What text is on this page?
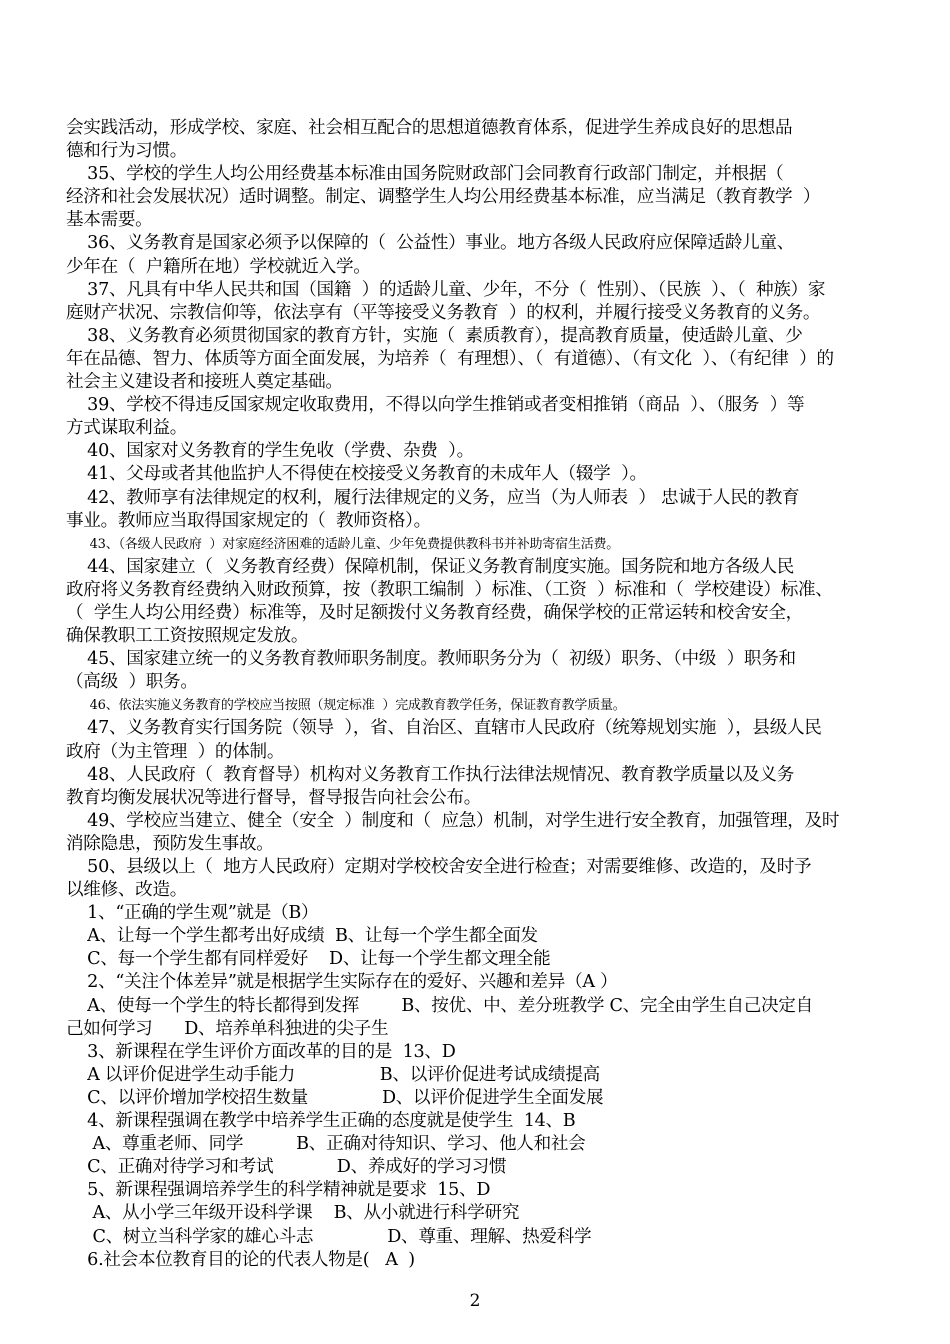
会实践活动，形成学校、家庭、社会相互配合的思想道德教育体系，促进学生养成良好的思想品
德和行为习惯。
35、学校的学生人均公用经费基本标准由国务院财政部门会同教育行政部门制定，并根据（
经济和社会发展状况）适时调整。制定、调整学生人均公用经费基本标准，应当满足（教育教学  ）
基本需要。
36、义务教育是国家必须予以保障的（  公益性）事业。地方各级人民政府应保障适龄儿童、
少年在（  户籍所在地）学校就近入学。
37、凡具有中华人民共和国（国籍  ）的适龄儿童、少年，不分（  性别）、（民族  ）、（  种族）家
庭财产状况、宗教信仰等，依法享有（平等接受义务教育  ）的权利，并履行接受义务教育的义务。
38、义务教育必须贯彻国家的教育方针，实施（  素质教育），提高教育质量，使适龄儿童、少
年在品德、智力、体质等方面全面发展，为培养（  有理想）、（  有道德）、（有文化  ）、（有纪律  ）的
社会主义建设者和接班人奠定基础。
39、学校不得违反国家规定收取费用，不得以向学生推销或者变相推销（商品  ）、（服务  ）等
方式谋取利益。
40、国家对义务教育的学生免收（学费、杂费  ）。
41、父母或者其他监护人不得使在校接受义务教育的未成年人（辍学  ）。
42、教师享有法律规定的权利，履行法律规定的义务，应当（为人师表  ） 忠诚于人民的教育
事业。教师应当取得国家规定的（  教师资格）。
43、（各级人民政府  ）对家庭经济困难的适龄儿童、少年免费提供教科书并补助寄宿生活费。
44、国家建立（  义务教育经费）保障机制，保证义务教育制度实施。国务院和地方各级人民
政府将义务教育经费纳入财政预算，按（教职工编制  ）标准、（工资  ）标准和（  学校建设）标准、
（  学生人均公用经费）标准等，及时足额拨付义务教育经费，确保学校的正常运转和校舍安全，
确保教职工工资按照规定发放。
45、国家建立统一的义务教育教师职务制度。教师职务分为（  初级）职务、（中级  ）职务和
（高级  ）职务。
46、依法实施义务教育的学校应当按照（规定标准  ）完成教育教学任务，保证教育教学质量。
47、义务教育实行国务院（领导  ），省、自治区、直辖市人民政府（统筹规划实施  ），县级人民
政府（为主管理  ）的体制。
48、人民政府（  教育督导）机构对义务教育工作执行法律法规情况、教育教学质量以及义务
教育均衡发展状况等进行督导，督导报告向社会公布。
49、学校应当建立、健全（安全  ）制度和（  应急）机制，对学生进行安全教育，加强管理，及时
消除隐患，预防发生事故。
50、县级以上（  地方人民政府）定期对学校校舍安全进行检查；对需要维修、改造的，及时予
以维修、改造。
1、“正确的学生观”就是（B）
A、让每一个学生都考出好成绩  B、让每一个学生都全面发
C、每一个学生都有同样爱好    D、让每一个学生都文理全能
2、“关注个体差异”就是根据学生实际存在的爱好、兴趣和差异（A ）
A、使每一个学生的特长都得到发挥        B、按优、中、差分班教学 C、完全由学生自己决定自
己如何学习      D、培养单科独进的尖子生
3、新课程在学生评价方面改革的目的是  13、D
A 以评价促进学生动手能力                B、以评价促进考试成绩提高
C、以评价增加学校招生数量              D、以评价促进学生全面发展
4、新课程强调在教学中培养学生正确的态度就是使学生  14、B
A、尊重老师、同学          B、正确对待知识、学习、他人和社会
C、正确对待学习和考试            D、养成好的学习习惯
5、新课程强调培养学生的科学精神就是要求  15、D
A、从小学三年级开设科学课    B、从小就进行科学研究
C、树立当科学家的雄心斗志              D、尊重、理解、热爱科学
6.社会本位教育目的论的代表人物是(   A  )
2
